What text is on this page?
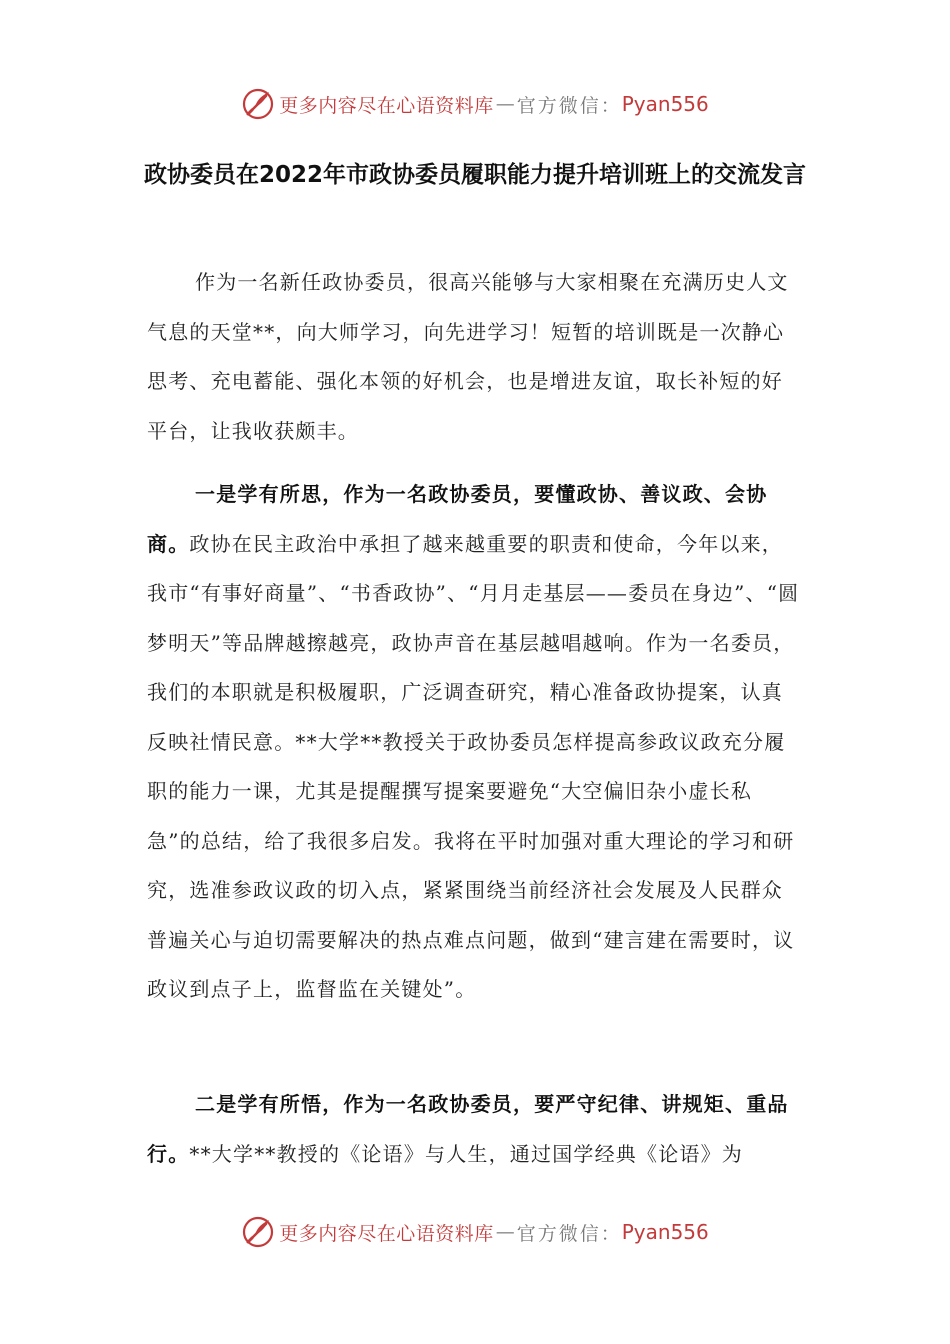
更多内容尽在心语资料库 — 官方微信： Pyan556
政协委员在2022年市政协委员履职能力提升培训班上的交流发言
作为一名新任政协委员，很高兴能够与大家相聚在充满历史人文气息的天堂**，向大师学习，向先进学习！短暂的培训既是一次静心思考、充电蓄能、强化本领的好机会，也是增进友谊，取长补短的好平台，让我收获颇丰。
一是学有所思，作为一名政协委员，要懂政协、善议政、会协商。政协在民主政治中承担了越来越重要的职责和使命，今年以来，我市“有事好商量”、“书香政协”、“月月走基层——委员在身边”、“圆梦明天”等品牌越擦越亮，政协声音在基层越唱越响。作为一名委员，我们的本职就是积极履职，广泛调查研究，精心准备政协提案，认真反映社情民意。**大学**教授关于政协委员怎样提高参政议政充分履职的能力一课，尤其是提醒撰写提案要避免“大空偏旧杂小虚长私急”的总结，给了我很多启发。我将在平时加强对重大理论的学习和研究，选准参政议政的切入点，紧紧围绕当前经济社会发展及人民群众普遍关心与迫切需要解决的热点难点问题，做到“建言建在需要时，议政议到点子上，监督监在关键处”。
二是学有所悟，作为一名政协委员，要严守纪律、讲规矩、重品行。**大学**教授的《论语》与人生，通过国学经典《论语》为
更多内容尽在心语资料库 — 官方微信： Pyan556
